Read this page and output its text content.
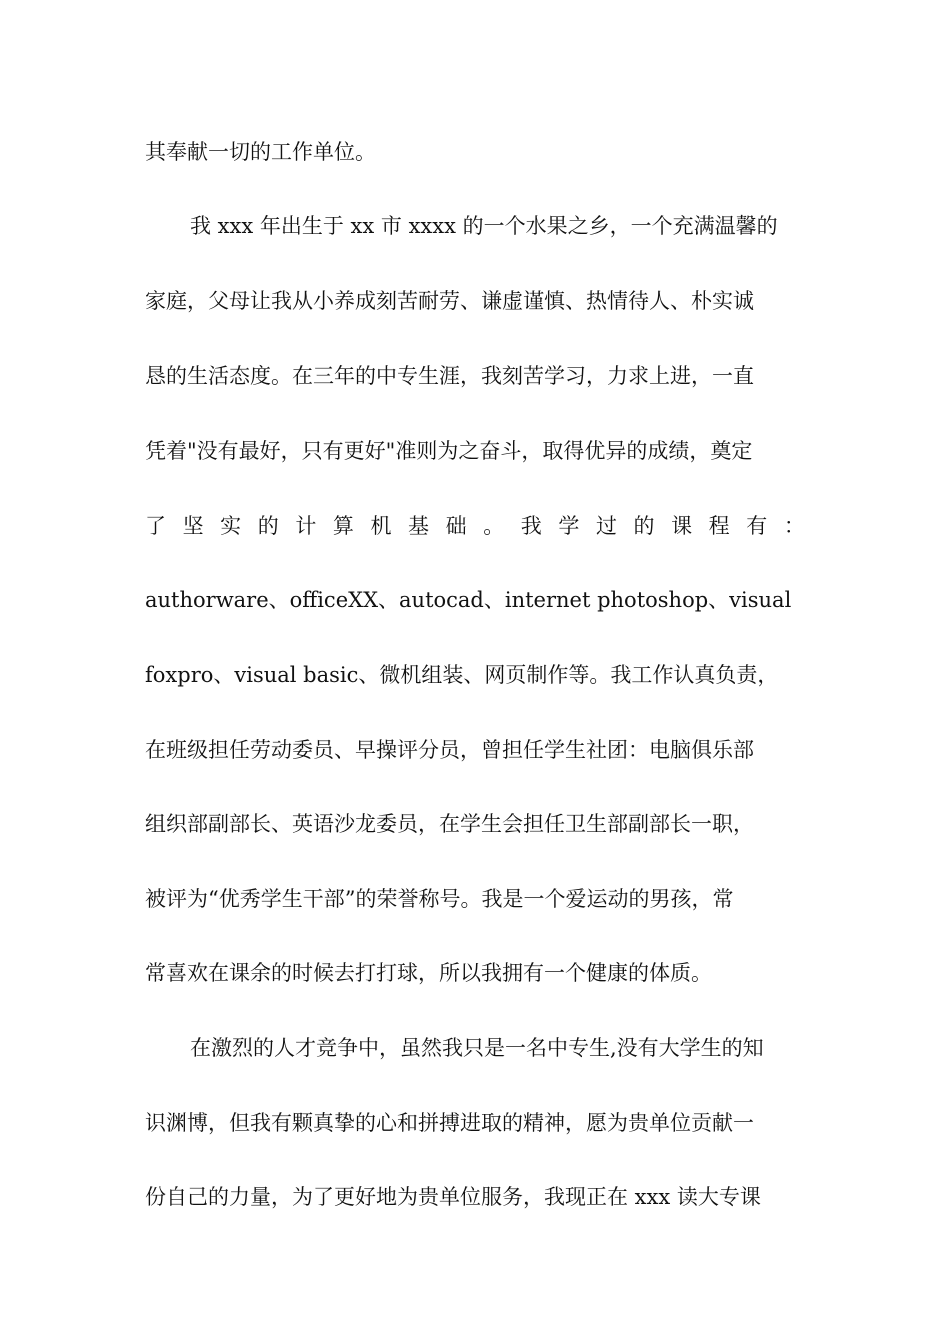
其奉献一切的工作单位。
我 xxx 年出生于 xx 市 xxxx 的一个水果之乡，一个充满温馨的
家庭，父母让我从小养成刻苦耐劳、谦虚谨慎、热情待人、朴实诚
恳的生活态度。在三年的中专生涯，我刻苦学习，力求上进，一直
凭着"没有最好，只有更好"准则为之奋斗，取得优异的成绩，奠定
了 坚 实 的 计 算 机 基 础 。 我 学 过 的 课 程 有 ：
authorware、officeXX、autocad、internet photoshop、visual
foxpro、visual basic、微机组装、网页制作等。我工作认真负责，
在班级担任劳动委员、早操评分员，曾担任学生社团：电脑俱乐部
组织部副部长、英语沙龙委员，在学生会担任卫生部副部长一职，
被评为“优秀学生干部”的荣誉称号。我是一个爱运动的男孩，常
常喜欢在课余的时候去打打球，所以我拥有一个健康的体质。
在激烈的人才竞争中，虽然我只是一名中专生,没有大学生的知
识渊博，但我有颗真挚的心和拼搏进取的精神，愿为贵单位贡献一
份自己的力量，为了更好地为贵单位服务，我现正在 xxx 读大专课
